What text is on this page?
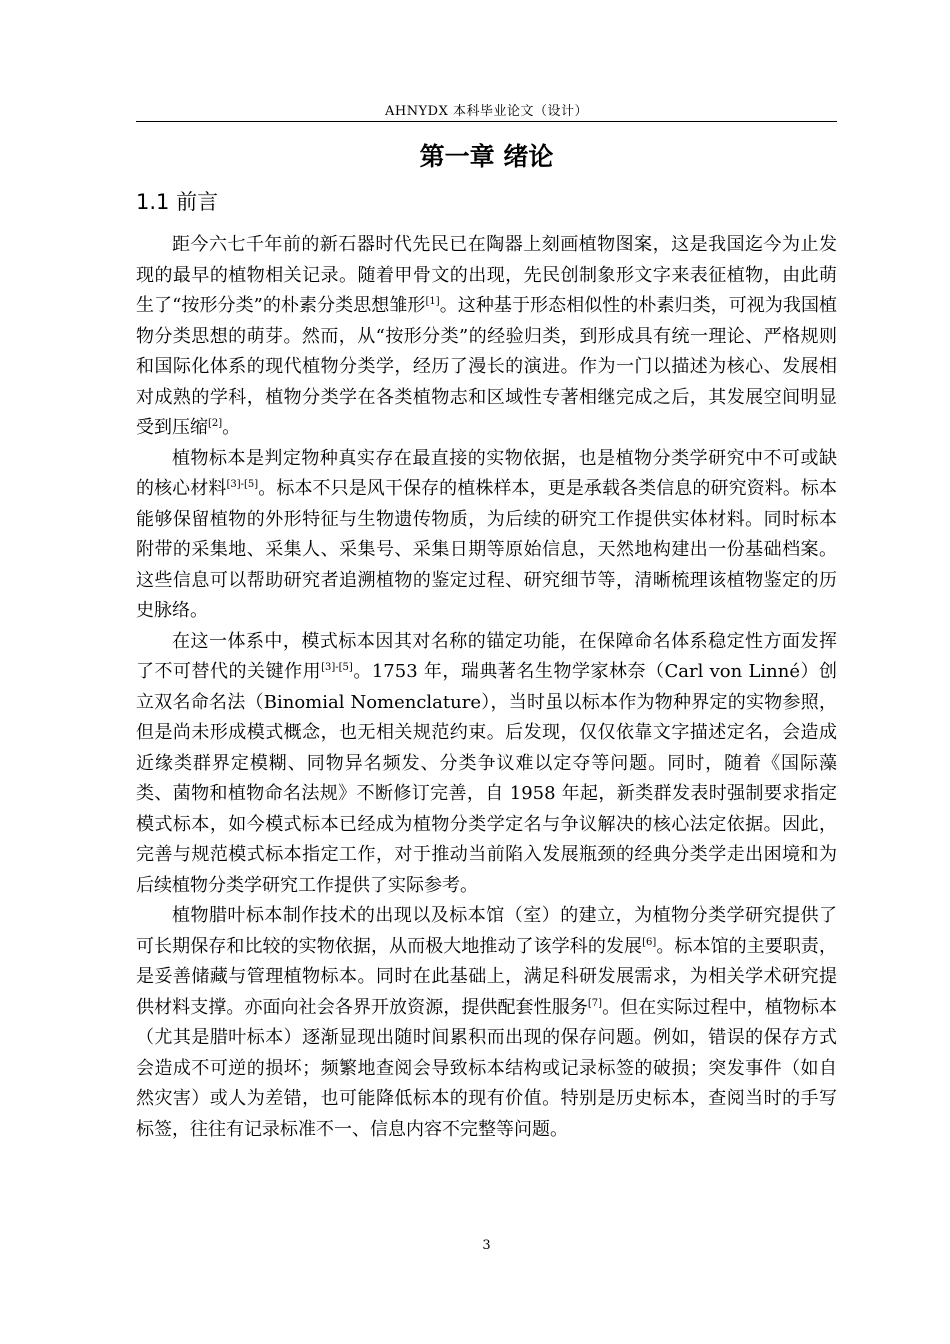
AHNYDX 本科毕业论文（设计）
第一章 绪论
1.1 前言

距今六七千年前的新石器时代先民已在陶器上刻画植物图案，这是我国迄今为止发现的最早的植物相关记录。随着甲骨文的出现，先民创制象形文字来表征植物，由此萌生了“按形分类”的朴素分类思想雏形[1]。这种基于形态相似性的朴素归类，可视为我国植物分类思想的萌芽。然而，从“按形分类”的经验归类，到形成具有统一理论、严格规则和国际化体系的现代植物分类学，经历了漫长的演进。作为一门以描述为核心、发展相对成熟的学科，植物分类学在各类植物志和区域性专著相继完成之后，其发展空间明显受到压缩[2]。

植物标本是判定物种真实存在最直接的实物依据，也是植物分类学研究中不可或缺的核心材料[3]-[5]。标本不只是风干保存的植株样本，更是承载各类信息的研究资料。标本能够保留植物的外形特征与生物遗传物质，为后续的研究工作提供实体材料。同时标本附带的采集地、采集人、采集号、采集日期等原始信息，天然地构建出一份基础档案。这些信息可以帮助研究者追溯植物的鉴定过程、研究细节等，清晰梳理该植物鉴定的历史脉络。

在这一体系中，模式标本因其对名称的锚定功能，在保障命名体系稳定性方面发挥了不可替代的关键作用[3]-[5]。1753 年，瑞典著名生物学家林奈（Carl von Linné）创立双名命名法（Binomial Nomenclature），当时虽以标本作为物种界定的实物参照，但是尚未形成模式概念，也无相关规范约束。后发现，仅仅依靠文字描述定名，会造成近缘类群界定模糊、同物异名频发、分类争议难以定夺等问题。同时，随着《国际藻类、菌物和植物命名法规》不断修订完善，自 1958 年起，新类群发表时强制要求指定模式标本，如今模式标本已经成为植物分类学定名与争议解决的核心法定依据。因此，完善与规范模式标本指定工作，对于推动当前陷入发展瓶颈的经典分类学走出困境和为后续植物分类学研究工作提供了实际参考。

植物腊叶标本制作技术的出现以及标本馆（室）的建立，为植物分类学研究提供了可长期保存和比较的实物依据，从而极大地推动了该学科的发展[6]。标本馆的主要职责，是妥善储藏与管理植物标本。同时在此基础上，满足科研发展需求，为相关学术研究提供材料支撑。亦面向社会各界开放资源，提供配套性服务[7]。但在实际过程中，植物标本（尤其是腊叶标本）逐渐显现出随时间累积而出现的保存问题。例如，错误的保存方式会造成不可逆的损坏；频繁地查阅会导致标本结构或记录标签的破损；突发事件（如自然灾害）或人为差错，也可能降低标本的现有价值。特别是历史标本，查阅当时的手写标签，往往有记录标准不一、信息内容不完整等问题。

3
